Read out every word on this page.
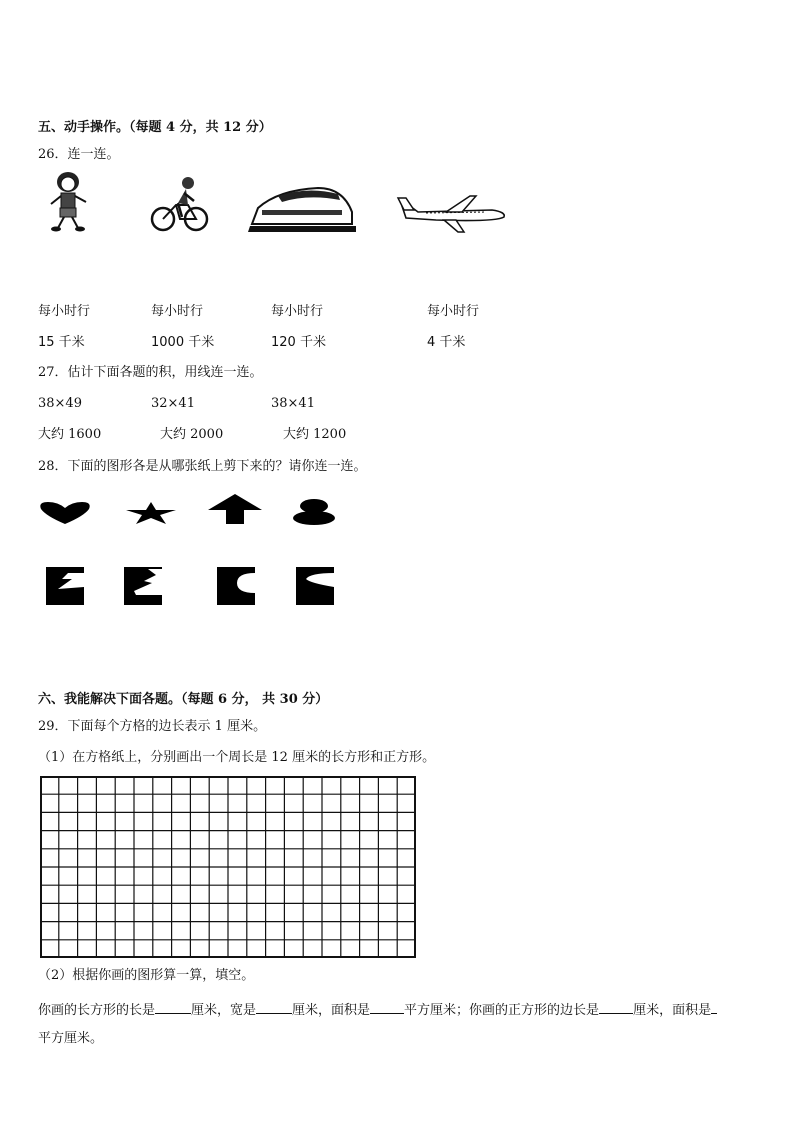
五、动手操作。（每题 4 分，共 12 分）
26．连一连。
每小时行	每小时行	每小时行	每小时行
15 千米	1000 千米	120 千米	4 千米
27．估计下面各题的积，用线连一连。
38×49	32×41	38×41
大约 1600	大约 2000	大约 1200
28．下面的图形各是从哪张纸上剪下来的？请你连一连。
六、我能解决下面各题。（每题 6 分， 共 30 分）
29．下面每个方格的边长表示 1 厘米。
（1）在方格纸上，分别画出一个周长是 12 厘米的长方形和正方形。
（2）根据你画的图形算一算，填空。
你画的长方形的长是	厘米，宽是	厘米，面积是	平方厘米；你画的正方形的边长是	厘米，面积是
平方厘米。
